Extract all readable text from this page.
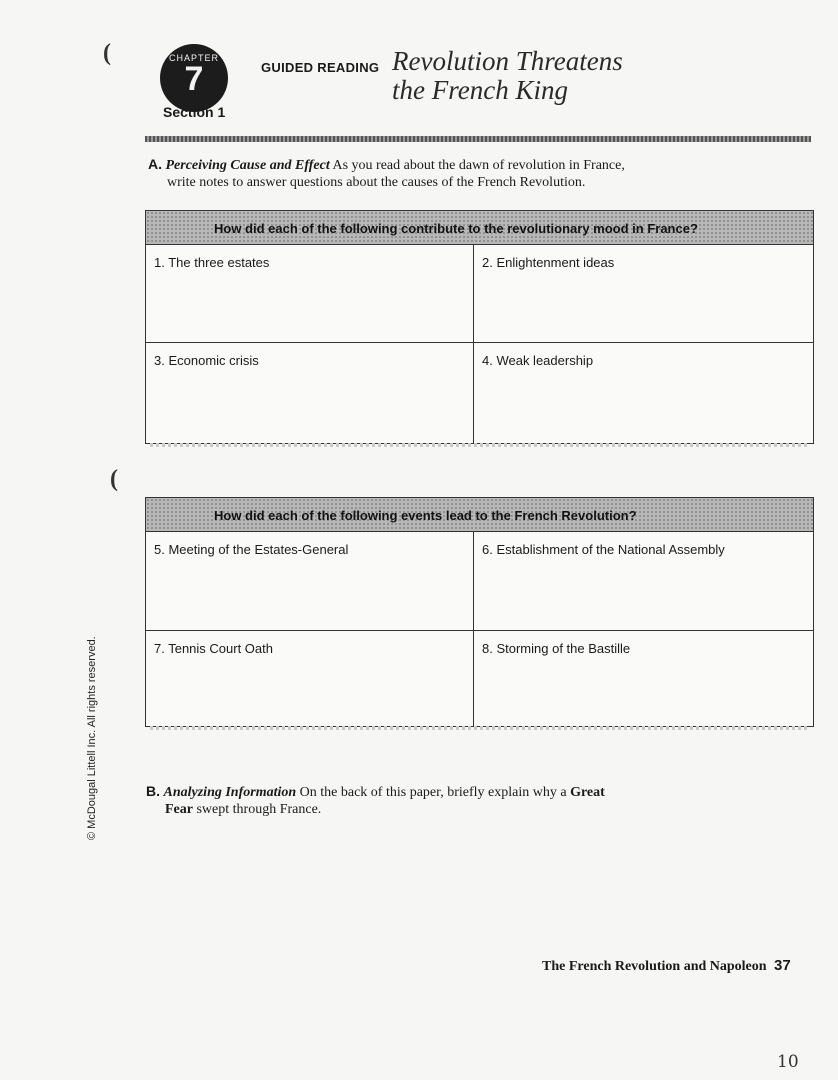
(
(
© McDougal Littell Inc. All rights reserved.
CHAPTER
7
Section 1
GUIDED READING Revolution Threatens
the French King
A. Perceiving Cause and Effect As you read about the dawn of revolution in France,
write notes to answer questions about the causes of the French Revolution.
How did each of the following contribute to the revolutionary mood in France?
1. The three estates	2. Enlightenment ideas
3. Economic crisis	4. Weak leadership
How did each of the following events lead to the French Revolution?
5. Meeting of the Estates-General	6. Establishment of the National Assembly
7. Tennis Court Oath	8. Storming of the Bastille
B. Analyzing Information On the back of this paper, briefly explain why a Great
Fear swept through France.
The French Revolution and Napoleon 37
10
